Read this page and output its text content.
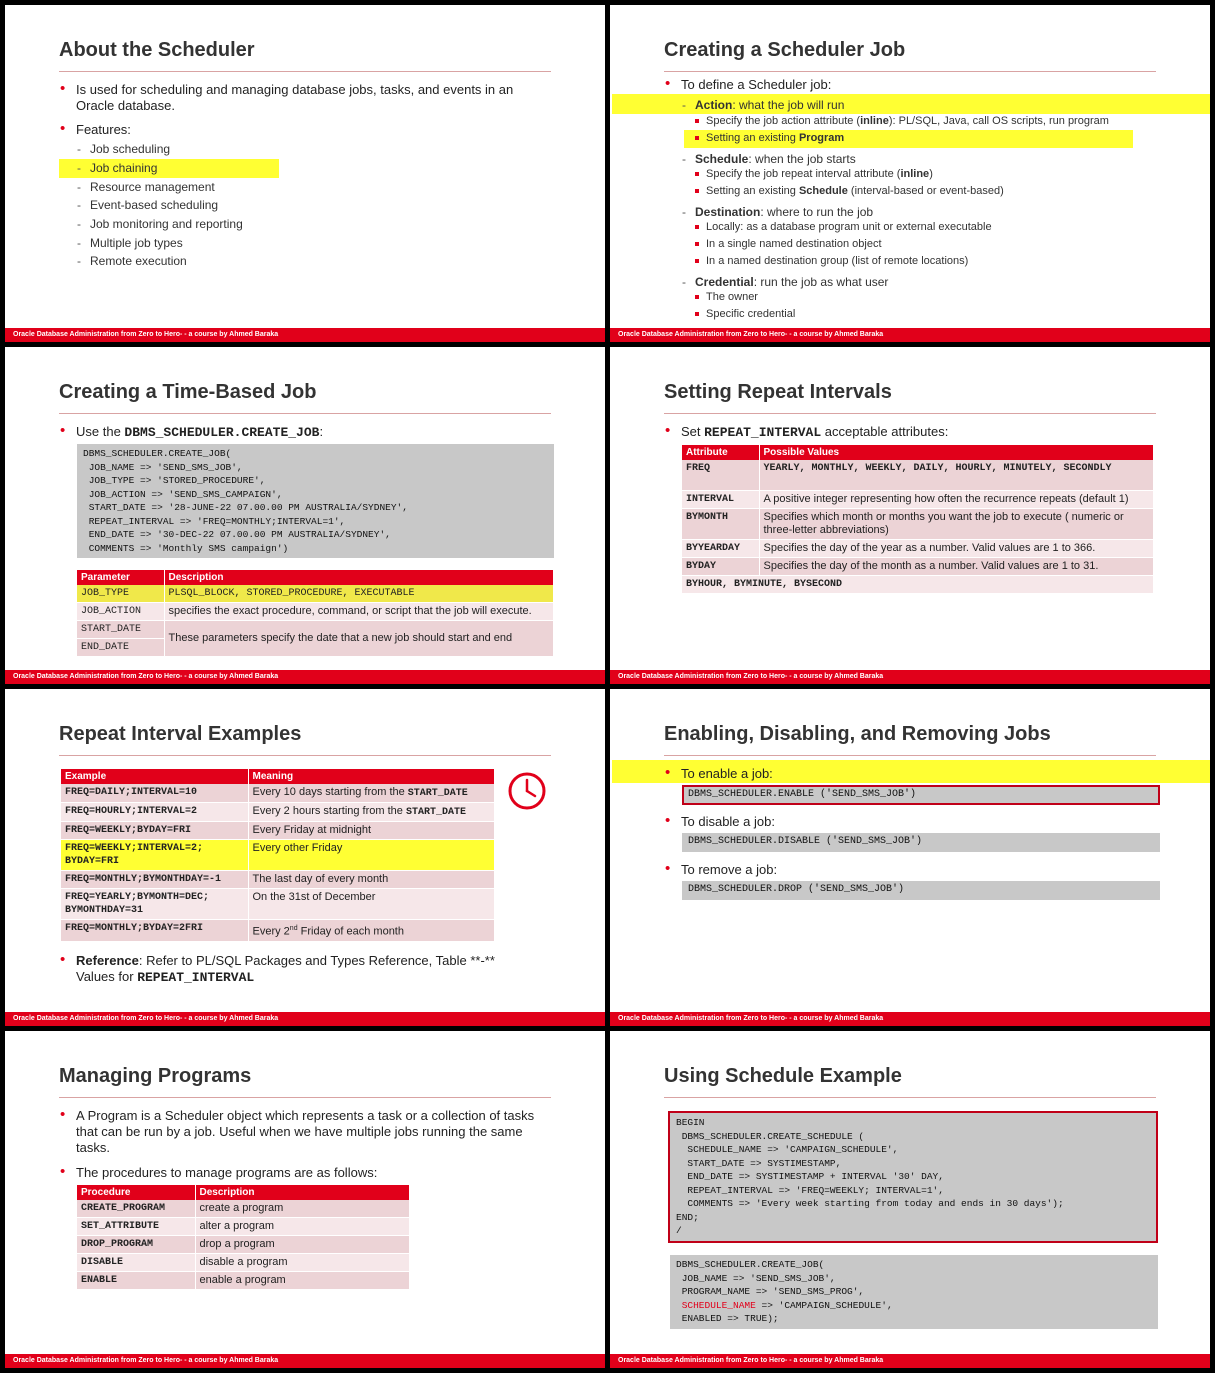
About the Scheduler
• Is used for scheduling and managing database jobs, tasks, and events in an Oracle database.
• Features:
- Job scheduling
- Job chaining
- Resource management
- Event-based scheduling
- Job monitoring and reporting
- Multiple job types
- Remote execution
Oracle Database Administration from Zero to Hero- - a course by Ahmed Baraka
Creating a Scheduler Job
• To define a Scheduler job:
- Action: what the job will run
Specify the job action attribute (inline): PL/SQL, Java, call OS scripts, run program
Setting an existing Program
- Schedule: when the job starts
Specify the job repeat interval attribute (inline)
Setting an existing Schedule (interval-based or event-based)
- Destination: where to run the job
Locally: as a database program unit or external executable
In a single named destination object
In a named destination group (list of remote locations)
- Credential: run the job as what user
The owner
Specific credential
Oracle Database Administration from Zero to Hero- - a course by Ahmed Baraka
Creating a Time-Based Job
• Use the DBMS_SCHEDULER.CREATE_JOB:
DBMS_SCHEDULER.CREATE_JOB(
JOB_NAME => 'SEND_SMS_JOB',
JOB_TYPE => 'STORED_PROCEDURE',
JOB_ACTION => 'SEND_SMS_CAMPAIGN',
START_DATE => '28-JUNE-22 07.00.00 PM AUSTRALIA/SYDNEY',
REPEAT_INTERVAL => 'FREQ=MONTHLY;INTERVAL=1',
END_DATE => '30-DEC-22 07.00.00 PM AUSTRALIA/SYDNEY',
COMMENTS => 'Monthly SMS campaign')
Parameter	Description
JOB_TYPE	PLSQL_BLOCK, STORED_PROCEDURE, EXECUTABLE
JOB_ACTION	specifies the exact procedure, command, or script that the job will execute.
START_DATE	These parameters specify the date that a new job should start and end
END_DATE	
Oracle Database Administration from Zero to Hero- - a course by Ahmed Baraka
Setting Repeat Intervals
• Set REPEAT_INTERVAL acceptable attributes:
Attribute	Possible Values
FREQ	YEARLY, MONTHLY, WEEKLY, DAILY, HOURLY, MINUTELY, SECONDLY
INTERVAL	A positive integer representing how often the recurrence repeats (default 1)
BYMONTH	Specifies which month or months you want the job to execute ( numeric or three-letter abbreviations)
BYYEARDAY	Specifies the day of the year as a number. Valid values are 1 to 366.
BYDAY	Specifies the day of the month as a number. Valid values are 1 to 31.
BYHOUR, BYMINUTE, BYSECOND	
Oracle Database Administration from Zero to Hero- - a course by Ahmed Baraka
Repeat Interval Examples
Example	Meaning
FREQ=DAILY;INTERVAL=10	Every 10 days starting from the START_DATE
FREQ=HOURLY;INTERVAL=2	Every 2 hours starting from the START_DATE
FREQ=WEEKLY;BYDAY=FRI	Every Friday at midnight
FREQ=WEEKLY;INTERVAL=2;
BYDAY=FRI	Every other Friday
FREQ=MONTHLY;BYMONTHDAY=-1	The last day of every month
FREQ=YEARLY;BYMONTH=DEC;
BYMONTHDAY=31	On the 31st of December
FREQ=MONTHLY;BYDAY=2FRI	Every 2nd Friday of each month
• Reference: Refer to PL/SQL Packages and Types Reference, Table **-**
Values for REPEAT_INTERVAL
Oracle Database Administration from Zero to Hero- - a course by Ahmed Baraka
Enabling, Disabling, and Removing Jobs
• To enable a job:
DBMS_SCHEDULER.ENABLE ('SEND_SMS_JOB')
• To disable a job:
DBMS_SCHEDULER.DISABLE ('SEND_SMS_JOB')
• To remove a job:
DBMS_SCHEDULER.DROP ('SEND_SMS_JOB')
Oracle Database Administration from Zero to Hero- - a course by Ahmed Baraka
Managing Programs
• A Program is a Scheduler object which represents a task or a collection of tasks that can be run by a job. Useful when we have multiple jobs running the same tasks.
• The procedures to manage programs are as follows:
Procedure	Description
CREATE_PROGRAM	create a program
SET_ATTRIBUTE	alter a program
DROP_PROGRAM	drop a program
DISABLE	disable a program
ENABLE	enable a program
Oracle Database Administration from Zero to Hero- - a course by Ahmed Baraka
Using Schedule Example
BEGIN
DBMS_SCHEDULER.CREATE_SCHEDULE (
SCHEDULE_NAME => 'CAMPAIGN_SCHEDULE',
START_DATE => SYSTIMESTAMP,
END_DATE => SYSTIMESTAMP + INTERVAL '30' DAY,
REPEAT_INTERVAL => 'FREQ=WEEKLY; INTERVAL=1',
COMMENTS => 'Every week starting from today and ends in 30 days');
END;
/
DBMS_SCHEDULER.CREATE_JOB(
JOB_NAME => 'SEND_SMS_JOB',
PROGRAM_NAME => 'SEND_SMS_PROG',
SCHEDULE_NAME => 'CAMPAIGN_SCHEDULE',
ENABLED => TRUE);
Oracle Database Administration from Zero to Hero- - a course by Ahmed Baraka
